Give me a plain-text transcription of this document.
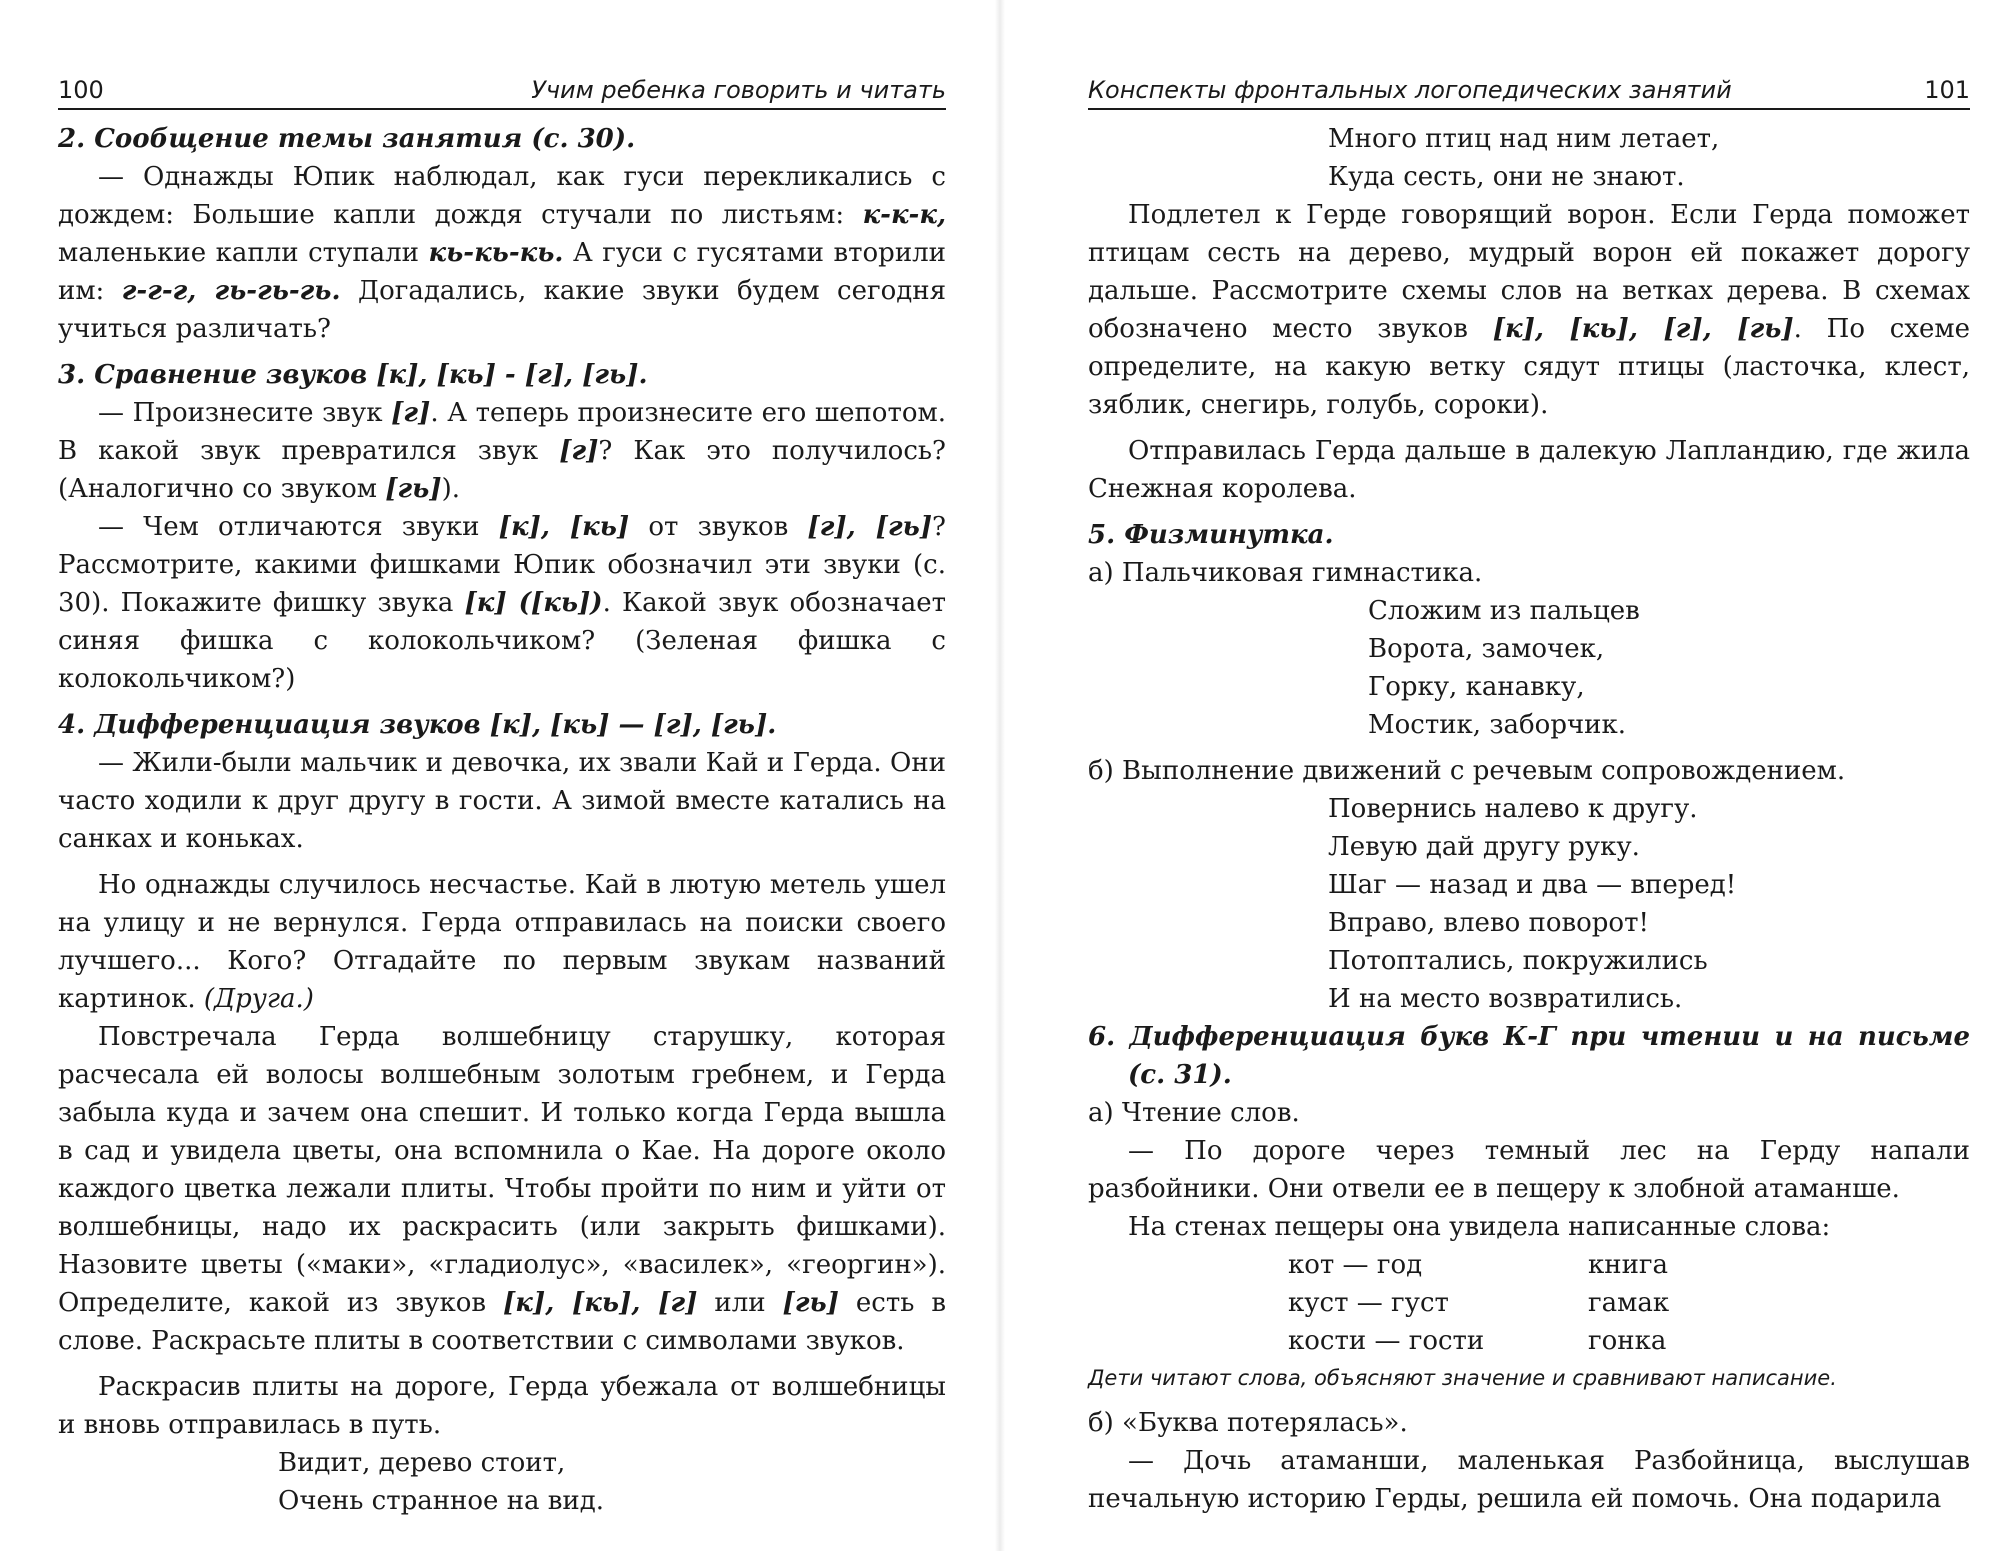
100	Учим ребенка говорить и читать

2. Сообщение темы занятия (с. 30).

— Однажды Юпик наблюдал, как гуси перекликались с дождем: Большие капли дождя стучали по листьям: к-к-к, маленькие капли ступали кь-кь-кь. А гуси с гусятами вторили им: г-г-г, гь-гь-гь. Догадались, какие звуки будем сегодня учиться различать?

3. Сравнение звуков [к], [кь] - [г], [гь].

— Произнесите звук [г]. А теперь произнесите его шепотом. В какой звук превратился звук [г]? Как это получилось? (Аналогично со звуком [гь]).

— Чем отличаются звуки [к], [кь] от звуков [г], [гь]? Рассмотрите, какими фишками Юпик обозначил эти звуки (с. 30). Покажите фишку звука [к] ([кь]). Какой звук обозначает синяя фишка с колокольчиком? (Зеленая фишка с колокольчиком?)

4. Дифференциация звуков [к], [кь] — [г], [гь].

— Жили-были мальчик и девочка, их звали Кай и Герда. Они часто ходили к друг другу в гости. А зимой вместе катались на санках и коньках.

Но однажды случилось несчастье. Кай в лютую метель ушел на улицу и не вернулся. Герда отправилась на поиски своего лучшего... Кого? Отгадайте по первым звукам названий картинок. (Друга.)

Повстречала Герда волшебницу старушку, которая расчесала ей волосы волшебным золотым гребнем, и Герда забыла куда и зачем она спешит. И только когда Герда вышла в сад и увидела цветы, она вспомнила о Кае. На дороге около каждого цветка лежали плиты. Чтобы пройти по ним и уйти от волшебницы, надо их раскрасить (или закрыть фишками). Назовите цветы («маки», «гладиолус», «василек», «георгин»). Определите, какой из звуков [к], [кь], [г] или [гь] есть в слове. Раскрасьте плиты в соответствии с символами звуков.

Раскрасив плиты на дороге, Герда убежала от волшебницы и вновь отправилась в путь.

Видит, дерево стоит,
Очень странное на вид.
Конспекты фронтальных логопедических занятий	101
Много птиц над ним летает,
Куда сесть, они не знают.

Подлетел к Герде говорящий ворон. Если Герда поможет птицам сесть на дерево, мудрый ворон ей покажет дорогу дальше. Рассмотрите схемы слов на ветках дерева. В схемах обозначено место звуков [к], [кь], [г], [гь]. По схеме определите, на какую ветку сядут птицы (ласточка, клест, зяблик, снегирь, голубь, сороки).

Отправилась Герда дальше в далекую Лапландию, где жила Снежная королева.

5. Физминутка.

а) Пальчиковая гимнастика.

Сложим из пальцев
Ворота, замочек,
Горку, канавку,
Мостик, заборчик.

б) Выполнение движений с речевым сопровождением.

Повернись налево к другу.
Левую дай другу руку.
Шаг — назад и два — вперед!
Вправо, влево поворот!
Потоптались, покружились
И на место возвратились.

6. Дифференциация букв К-Г при чтении и на письме (с. 31).

а) Чтение слов.

— По дороге через темный лес на Герду напали разбойники. Они отвели ее в пещеру к злобной атаманше.

На стенах пещеры она увидела написанные слова:

кот — год	книга
куст — густ	гамак
кости — гости	гонка

Дети читают слова, объясняют значение и сравнивают написание.

б) «Буква потерялась».

— Дочь атаманши, маленькая Разбойница, выслушав печальную историю Герды, решила ей помочь. Она подарила
